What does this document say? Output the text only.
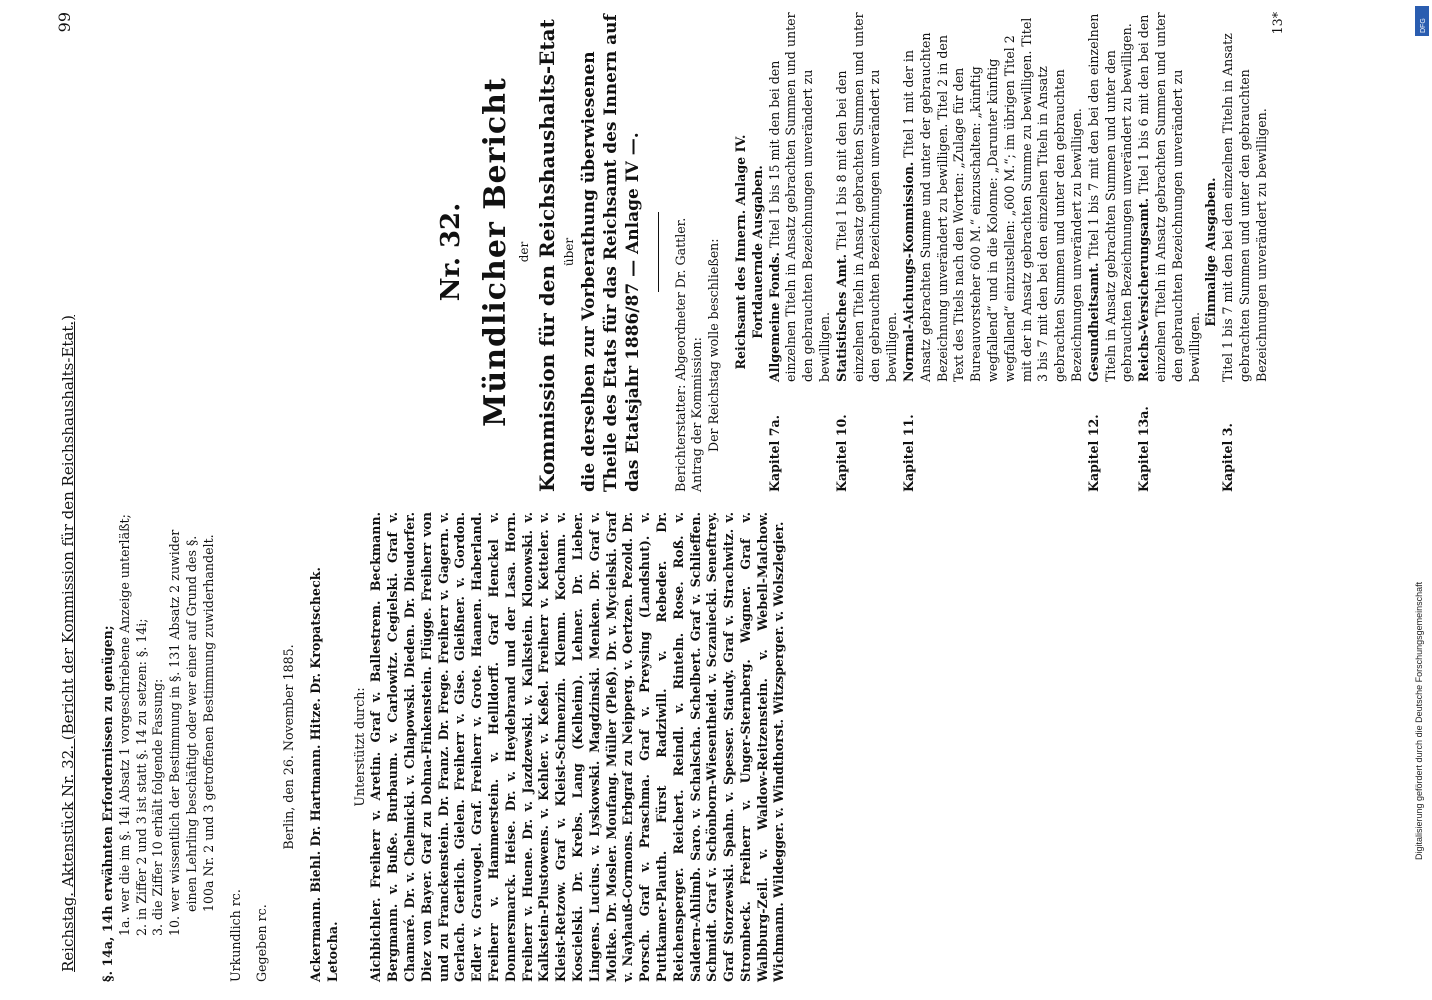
Reichstag. Aktenstück Nr. 32. (Bericht der Kommission für den Reichshaushalts-Etat.)
99
§. 14a, 14h erwähnten Erfordernissen zu genügen; 1a. wer die im §. 14i Absatz 1 vorgeschriebene Anzeige unterläßt;
2. in Ziffer 2 und 3 ist statt §. 14 zu setzen: §. 14i;
3. die Ziffer 10 erhält folgende Fassung:
10. wer wissentlich der Bestimmung in §. 131 Absatz 2 zuwider einen Lehrling beschäftigt oder wer einer auf Grund des §. 100a Nr. 2 und 3 getroffenen Bestimmung zuwiderhandelt.
Urkundlich rc. Gegeben rc.
Berlin, den 26. November 1885. Ackermann. Biehl. Dr. Hartmann. Hitze. Dr. Kropatscheck. Letocha.
Unterstützt durch: Aichbichler. Freiherr v. Aretin. Graf v. Ballestrem. Beckmann. Bergmann. v. Buße. Burbaum. v. Carlowitz. Cegielski. Graf v. Chamaré. Dr. v. Chelmicki. v. Chlapowski. Dieden. Dr. Dieudorfer. Diez von Bayer. Graf zu Dohna-Finkenstein. Flügge. Freiherr von und zu Franckenstein. Dr. Franz. Dr. Frege. Freiherr v. Gagern. v. Gerlach. Gerlich. Gielen. Freiherr v. Gise. Gleißner. v. Gordon. Edler v. Grauvogel. Graf. Freiherr v. Grote. Haanen. Haberland. Freiherr v. Hammerstein. v. Hellldorff. Graf Henckel v. Donnersmarck. Heise. Dr. v. Heydebrand und der Lasa. Horn. Freiherr v. Huene. Dr. v. Jazdzewski. v. Kalkstein. Klonowski. v. Kalkstein-Plustowens. v. Kehler. v. Keßel. Freiherr v. Ketteler. v. Kleist-Retzow. Graf v. Kleist-Schmenzin. Klemm. Kochann. v. Koscielski. Dr. Krebs. Lang (Kelheim). Lehner. Dr. Lieber. Lingens. Lucius. v. Lyskowski. Magdzinski. Menken. Dr. Graf v. Moltke. Dr. Mosler. Moufang. Müller (Pleß). Dr. v. Mycielski. Graf v. Nayhauß-Cormons. Erbgraf zu Neipperg. v. Oertzen. Pezold. Dr. Porsch. Graf v. Praschma. Graf v. Preysing (Landshut). v. Puttkamer-Plauth. Fürst Radziwill. v. Rebeder. Dr. Reichensperger. Reichert. Reindl. v. Rinteln. Rose. Roß. v. Saldern-Ahlimb. Saro. v. Schalscha. Schelbert. Graf v. Schlieffen. Schmidt. Graf v. Schönborn-Wiesentheid. v. Sczaniecki. Seneftrey. Graf Storzewski. Spahn. v. Spesser. Staudy. Graf v. Strachwitz. v. Strombeck. Freiherr v. Unger-Sternberg. Wagner. Graf v. Walbburg-Zeil. v. Waldow-Reitzenstein. v. Webell-Malchow. Wichmann. Wildegger. v. Windthorst. Witzsperger. v. Wolszlegier.
Nr. 32. Mündlicher Bericht der Kommission für den Reichshaushalts-Etat über die derselben zur Vorberathung überwiesenen Theile des Etats für das Reichsamt des Innern auf das Etatsjahr 1886/87 — Anlage IV —. Berichterstatter: Abgeordneter Dr. Gattler. Antrag der Kommission: Der Reichstag wolle beschließen: Reichsamt des Innern. Anlage IV. Fortdauernde Ausgaben.
Kapitel 7a.
Allgemeine Fonds. Titel 1 bis 15 mit den bei den einzelnen Titeln in Ansatz gebrachten Summen und unter den gebrauchten Bezeichnungen unverändert zu bewilligen.
Kapitel 10.
Statistisches Amt. Titel 1 bis 8 mit den bei den einzelnen Titeln in Ansatz gebrachten Summen und unter den gebrauchten Bezeichnungen unverändert zu bewilligen.
Kapitel 11.
Normal-Aichungs-Kommission. Titel 1 mit der in Ansatz gebrachten Summe und unter der gebrauchten Bezeichnung unverändert zu bewilligen. Titel 2 in den Text des Titels nach den Worten: „Zulage für den Bureauvorsteher 600 M.“ einzuschalten: „künftig wegfallend“ und in die Kolonne: „Darunter künftig wegfallend“ einzustellen: „600 M.“; im übrigen Titel 2 mit der in Ansatz gebrachten Summe zu bewilligen. Titel 3 bis 7 mit den bei den einzelnen Titeln in Ansatz gebrachten Summen und unter den gebrauchten Bezeichnungen unverändert zu bewilligen.
Kapitel 12.
Gesundheitsamt. Titel 1 bis 7 mit den bei den einzelnen Titeln in Ansatz gebrachten Summen und unter den gebrauchten Bezeichnungen unverändert zu bewilligen.
Kapitel 13a.
Reichs-Versicherungsamt. Titel 1 bis 6 mit den bei den einzelnen Titeln in Ansatz gebrachten Summen und unter den gebrauchten Bezeichnungen unverändert zu bewilligen.
Einmalige Ausgaben.
Kapitel 3.
Titel 1 bis 7 mit den bei den einzelnen Titeln in Ansatz gebrachten Summen und unter den gebrauchten Bezeichnungen unverändert zu bewilligen.
13*	DFG
Digitalisierung gefördert durch die Deutsche Forschungsgemeinschaft
